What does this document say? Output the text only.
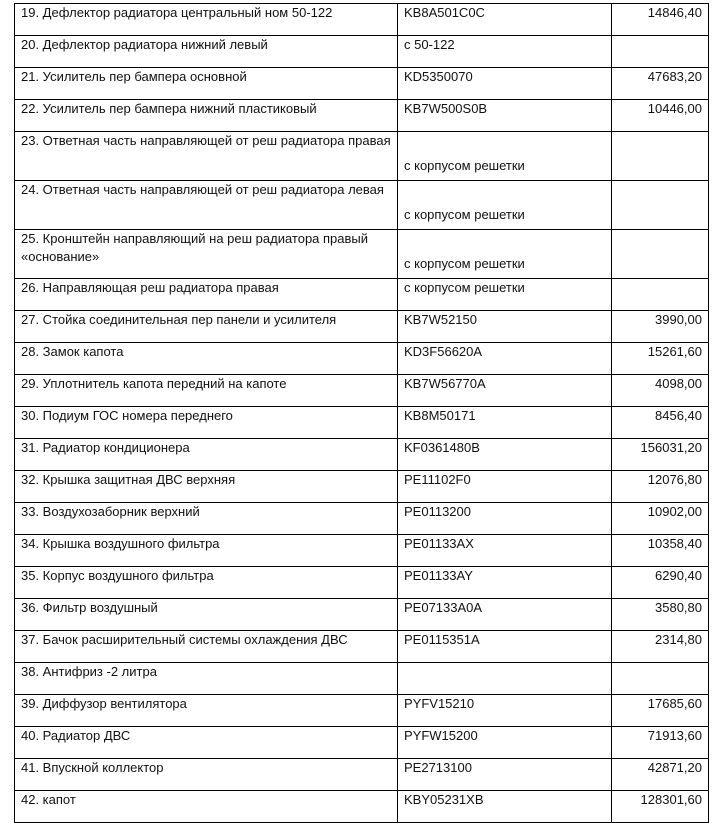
19. Дефлектор радиатора центральный ном 50-122	KB8A501C0C	14846,40
20. Дефлектор радиатора нижний левый	с 50-122	
21. Усилитель пер бампера основной	KD5350070	47683,20
22. Усилитель пер бампера нижний пластиковый	KB7W500S0B	10446,00
23. Ответная часть направляющей от реш радиатора правая	с корпусом решетки	
24. Ответная часть направляющей от реш радиатора левая	с корпусом решетки	
25. Кронштейн направляющий на реш радиатора правый «основание»	с корпусом решетки	
26. Направляющая реш радиатора правая	с корпусом решетки	
27. Стойка соединительная пер панели и усилителя	KB7W52150	3990,00
28. Замок капота	KD3F56620A	15261,60
29. Уплотнитель капота передний на капоте	KB7W56770A	4098,00
30. Подиум ГОС номера переднего	KB8M50171	8456,40
31. Радиатор кондиционера	KF0361480B	156031,20
32. Крышка защитная ДВС верхняя	PE11102F0	12076,80
33. Воздухозаборник верхний	PE0113200	10902,00
34. Крышка воздушного фильтра	PE01133AX	10358,40
35. Корпус воздушного фильтра	PE01133AY	6290,40
36. Фильтр воздушный	PE07133A0A	3580,80
37. Бачок расширительный системы охлаждения ДВС	PE0115351A	2314,80
38. Антифриз -2 литра		
39. Диффузор вентилятора	PYFV15210	17685,60
40. Радиатор ДВС	PYFW15200	71913,60
41. Впускной коллектор	PE2713100	42871,20
42. капот	KBY05231XB	128301,60
